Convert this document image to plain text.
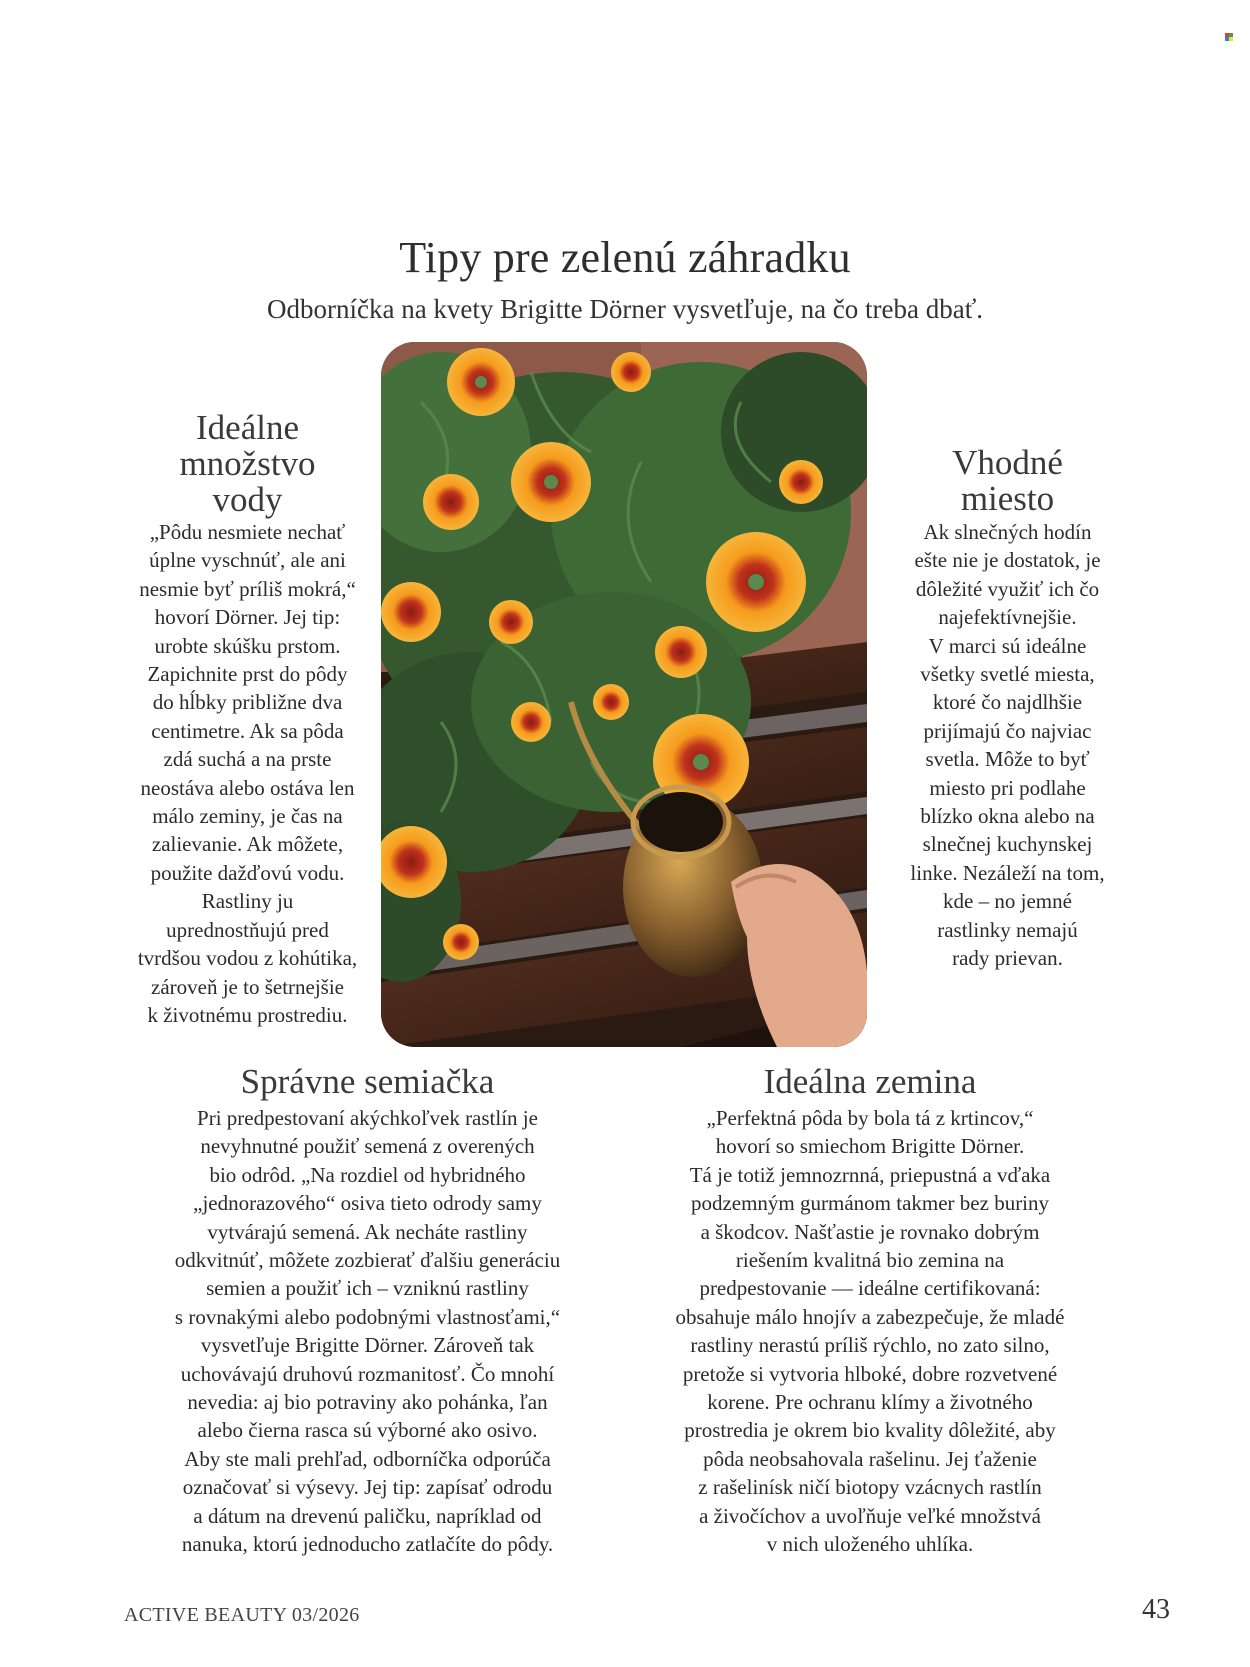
Tipy pre zelenú záhradku
Odborníčka na kvety Brigitte Dörner vysvetľuje, na čo treba dbať.
Ideálne
množstvo
vody

„Pôdu nesmiete nechať
úplne vyschnúť, ale ani
nesmie byť príliš mokrá,“
hovorí Dörner. Jej tip:
urobte skúšku prstom.
Zapichnite prst do pôdy
do hĺbky približne dva
centimetre. Ak sa pôda
zdá suchá a na prste
neostáva alebo ostáva len
málo zeminy, je čas na
zalievanie. Ak môžete,
použite dažďovú vodu.
Rastliny ju
uprednostňujú pred
tvrdšou vodou z kohútika,
zároveň je to šetrnejšie
k životnému prostrediu.

Vhodné
miesto

Ak slnečných hodín
ešte nie je dostatok, je
dôležité využiť ich čo
najefektívnejšie.
V marci sú ideálne
všetky svetlé miesta,
ktoré čo najdlhšie
prijímajú čo najviac
svetla. Môže to byť
miesto pri podlahe
blízko okna alebo na
slnečnej kuchynskej
linke. Nezáleží na tom,
kde – no jemné
rastlinky nemajú
rady prievan.

Správne semiačka

Pri predpestovaní akýchkoľvek rastlín je
nevyhnutné použiť semená z overených
bio odrôd. „Na rozdiel od hybridného
„jednorazového“ osiva tieto odrody samy
vytvárajú semená. Ak necháte rastliny
odkvitnúť, môžete zozbierať ďalšiu generáciu
semien a použiť ich – vzniknú rastliny
s rovnakými alebo podobnými vlastnosťami,“
vysvetľuje Brigitte Dörner. Zároveň tak
uchovávajú druhovú rozmanitosť. Čo mnohí
nevedia: aj bio potraviny ako pohánka, ľan
alebo čierna rasca sú výborné ako osivo.
Aby ste mali prehľad, odborníčka odporúča
označovať si výsevy. Jej tip: zapísať odrodu
a dátum na drevenú paličku, napríklad od
nanuka, ktorú jednoducho zatlačíte do pôdy.

Ideálna zemina

„Perfektná pôda by bola tá z krtincov,“
hovorí so smiechom Brigitte Dörner.
Tá je totiž jemnozrnná, priepustná a vďaka
podzemným gurmánom takmer bez buriny
a škodcov. Našťastie je rovnako dobrým
riešením kvalitná bio zemina na
predpestovanie — ideálne certifikovaná:
obsahuje málo hnojív a zabezpečuje, že mladé
rastliny nerastú príliš rýchlo, no zato silno,
pretože si vytvoria hlboké, dobre rozvetvené
korene. Pre ochranu klímy a životného
prostredia je okrem bio kvality dôležité, aby
pôda neobsahovala rašelinu. Jej ťaženie
z rašelinísk ničí biotopy vzácnych rastlín
a živočíchov a uvoľňuje veľké množstvá
v nich uloženého uhlíka.

ACTIVE BEAUTY 03/2026	43
